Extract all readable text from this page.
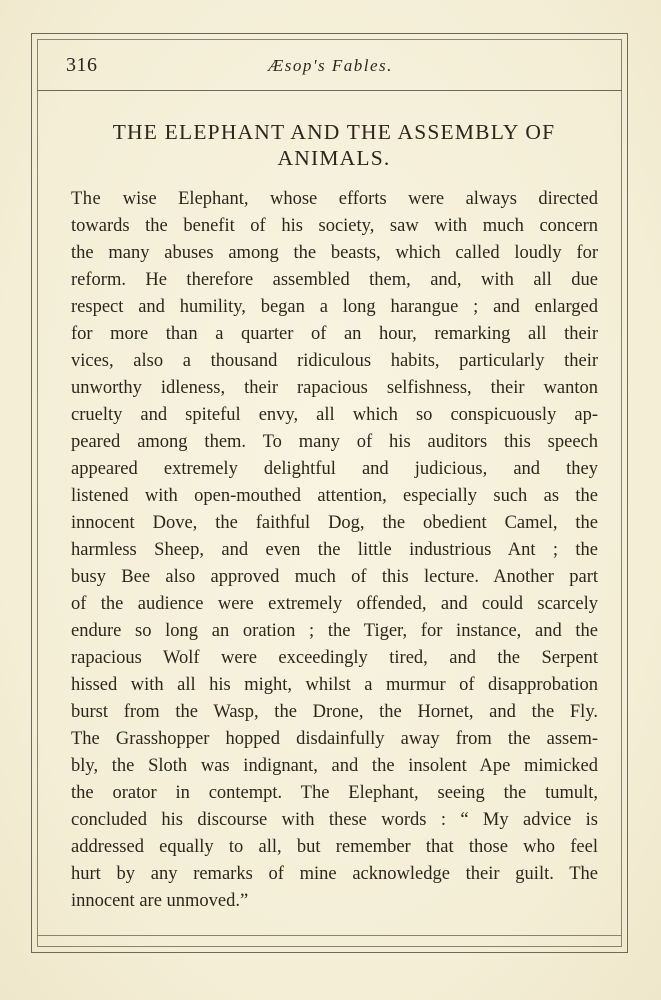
316	Æsop's Fables.

THE ELEPHANT AND THE ASSEMBLY OF ANIMALS.
The wise Elephant, whose efforts were always directed
towards the benefit of his society, saw with much concern
the many abuses among the beasts, which called loudly for
reform. He therefore assembled them, and, with all due
respect and humility, began a long harangue ; and enlarged
for more than a quarter of an hour, remarking all their
vices, also a thousand ridiculous habits, particularly their
unworthy idleness, their rapacious selfishness, their wanton
cruelty and spiteful envy, all which so conspicuously ap-
peared among them. To many of his auditors this speech
appeared extremely delightful and judicious, and they
listened with open-mouthed attention, especially such as the
innocent Dove, the faithful Dog, the obedient Camel, the
harmless Sheep, and even the little industrious Ant ; the
busy Bee also approved much of this lecture. Another part
of the audience were extremely offended, and could scarcely
endure so long an oration ; the Tiger, for instance, and the
rapacious Wolf were exceedingly tired, and the Serpent
hissed with all his might, whilst a murmur of disapprobation
burst from the Wasp, the Drone, the Hornet, and the Fly.
The Grasshopper hopped disdainfully away from the assem-
bly, the Sloth was indignant, and the insolent Ape mimicked
the orator in contempt. The Elephant, seeing the tumult,
concluded his discourse with these words : “ My advice is
addressed equally to all, but remember that those who feel
hurt by any remarks of mine acknowledge their guilt. The
innocent are unmoved.”
